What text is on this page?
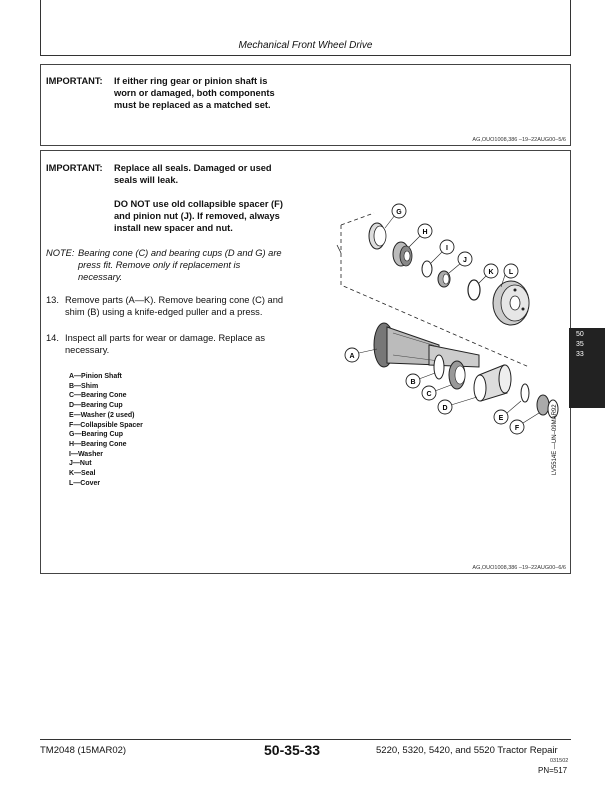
Mechanical Front Wheel Drive
IMPORTANT: If either ring gear or pinion shaft is
worn or damaged, both components
must be replaced as a matched set.
AG,OUO1008,386 –19–22AUG00–5/6
IMPORTANT: Replace all seals. Damaged or used
seals will leak.
DO NOT use old collapsible spacer (F)
and pinion nut (J). If removed, always
install new spacer and nut.
NOTE: Bearing cone (C) and bearing cups (D and G) are
press fit. Remove only if replacement is
necessary.
13. Remove parts (A—K). Remove bearing cone (C) and
shim (B) using a knife-edged puller and a press.
14. Inspect all parts for wear or damage. Replace as
necessary.
A—Pinion Shaft
B—Shim
C—Bearing Cone
D—Bearing Cup
E—Washer (2 used)
F—Collapsible Spacer
G—Bearing Cup
H—Bearing Cone
I—Washer
J—Nut
K—Seal
L—Cover
G
H
I
J
K L
A
B
C
D
E
F
AG,OUO1008,386 –19–22AUG00–6/6
LV5514E —UN–09MAR92
50
35
33
TM2048 (15MAR02)	50-35-33	5220, 5320, 5420, and 5520 Tractor Repair
031502
PN=517
